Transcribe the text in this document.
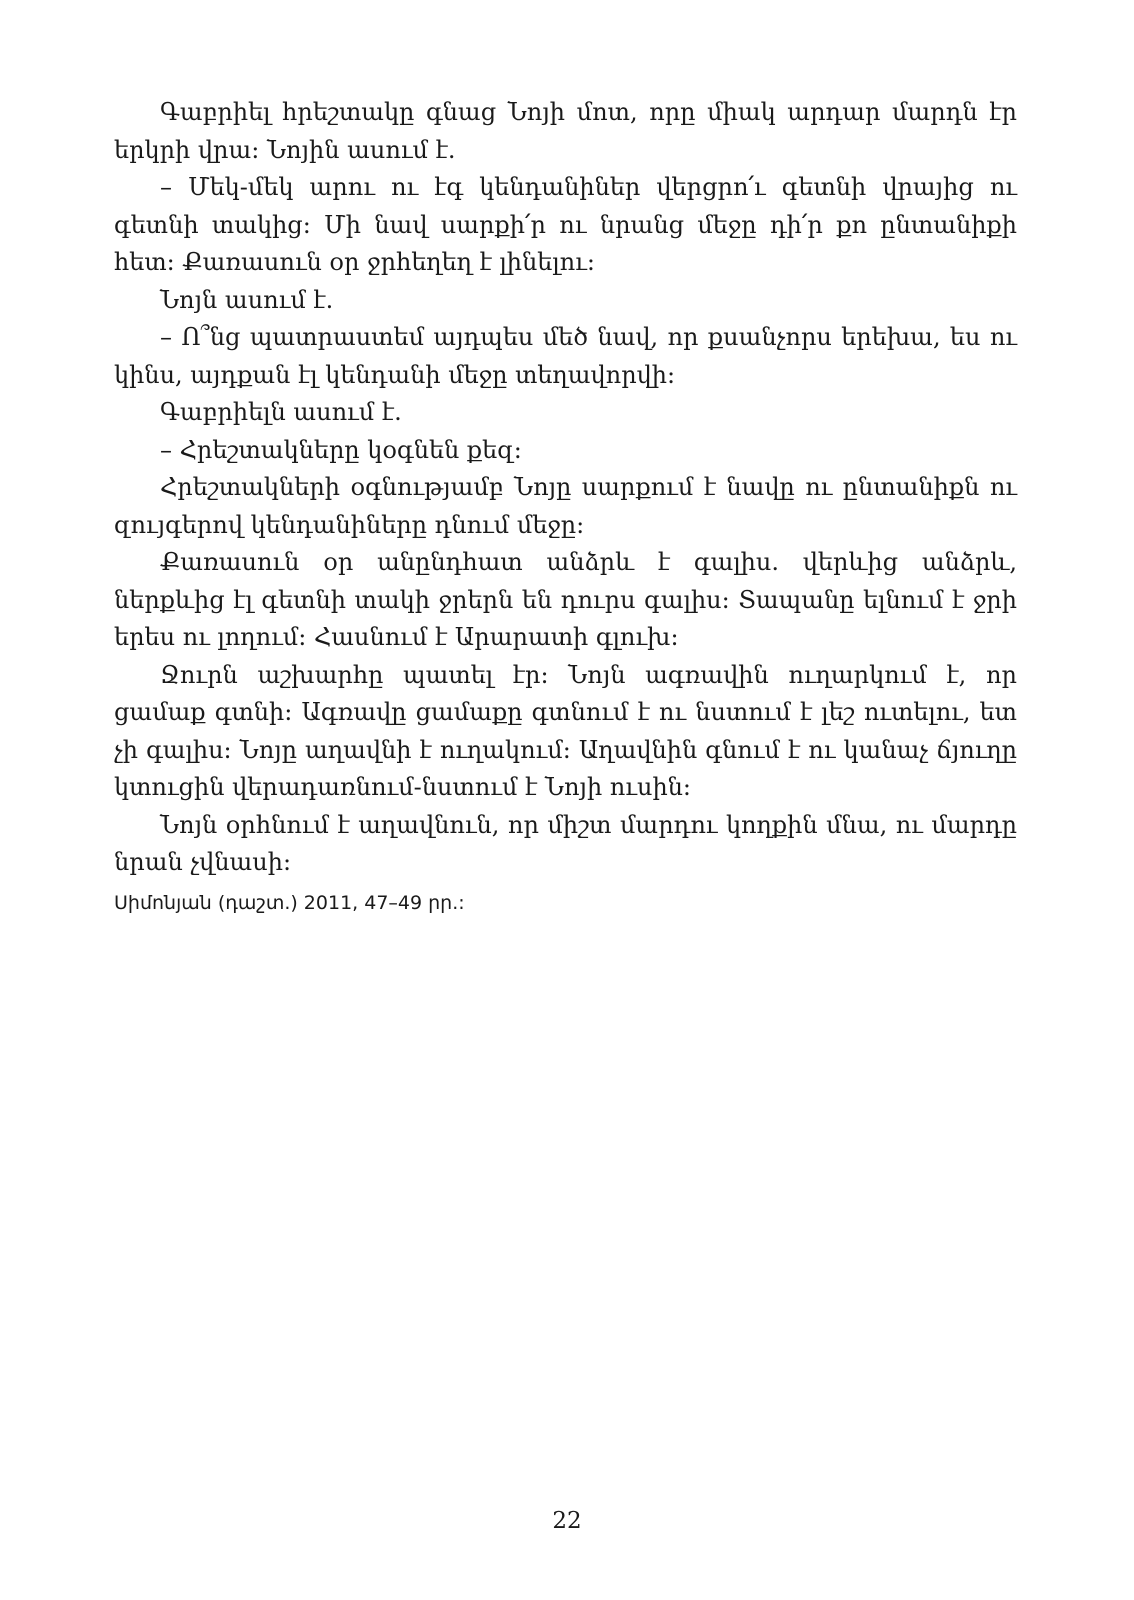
Գաբրիել հրեշտակը գնաց Նոյի մոտ, որը միակ արդար մարդն էր երկրի վրա: Նոյին ասում է.

– Մեկ-մեկ արու ու էգ կենդանիներ վերցրո՛ւ գետնի վրայից ու գետնի տակից: Մի նավ սարքի՛ր ու նրանց մեջը դի՛ր քո ընտանիքի հետ: Քառասուն օր ջրհեղեղ է լինելու:

Նոյն ասում է.

– Ո՞նց պատրաստեմ այդպես մեծ նավ, որ քսանչորս երեխա, ես ու կինս, այդքան էլ կենդանի մեջը տեղավորվի:

Գաբրիելն ասում է.

– Հրեշտակները կօգնեն քեզ:

Հրեշտակների օգնությամբ Նոյը սարքում է նավը ու ընտանիքն ու զույգերով կենդանիները դնում մեջը:

Քառասուն օր անընդհատ անձրև է գալիս. վերևից անձրև, ներքևից էլ գետնի տակի ջրերն են դուրս գալիս: Տապանը ելնում է ջրի երես ու լողում: Հասնում է Արարատի գլուխ:

Ջուրն աշխարհը պատել էր: Նոյն ագռավին ուղարկում է, որ ցամաք գտնի: Ագռավը ցամաքը գտնում է ու նստում է լեշ ուտելու, ետ չի գալիս: Նոյը աղավնի է ուղակում: Աղավնին գնում է ու կանաչ ճյուղը կտուցին վերադառնում-նստում է Նոյի ուսին:

Նոյն օրհնում է աղավնուն, որ միշտ մարդու կողքին մնա, ու մարդը նրան չվնասի:

Սիմոնյան (դաշտ.) 2011, 47–49 րր.:

22
